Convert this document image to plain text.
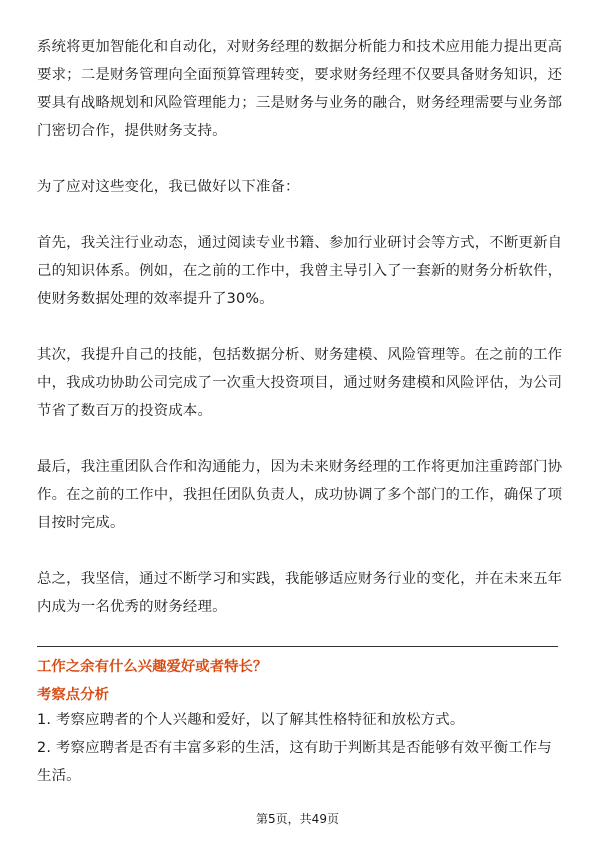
系统将更加智能化和自动化，对财务经理的数据分析能力和技术应用能力提出更高要求；二是财务管理向全面预算管理转变，要求财务经理不仅要具备财务知识，还要具有战略规划和风险管理能力；三是财务与业务的融合，财务经理需要与业务部门密切合作，提供财务支持。

为了应对这些变化，我已做好以下准备：

首先，我关注行业动态，通过阅读专业书籍、参加行业研讨会等方式，不断更新自己的知识体系。例如，在之前的工作中，我曾主导引入了一套新的财务分析软件，使财务数据处理的效率提升了30%。

其次，我提升自己的技能，包括数据分析、财务建模、风险管理等。在之前的工作中，我成功协助公司完成了一次重大投资项目，通过财务建模和风险评估，为公司节省了数百万的投资成本。

最后，我注重团队合作和沟通能力，因为未来财务经理的工作将更加注重跨部门协作。在之前的工作中，我担任团队负责人，成功协调了多个部门的工作，确保了项目按时完成。

总之，我坚信，通过不断学习和实践，我能够适应财务行业的变化，并在未来五年内成为一名优秀的财务经理。

工作之余有什么兴趣爱好或者特长？
考察点分析

1. 考察应聘者的个人兴趣和爱好，以了解其性格特征和放松方式。

2. 考察应聘者是否有丰富多彩的生活，这有助于判断其是否能够有效平衡工作与生活。

第5页，共49页
